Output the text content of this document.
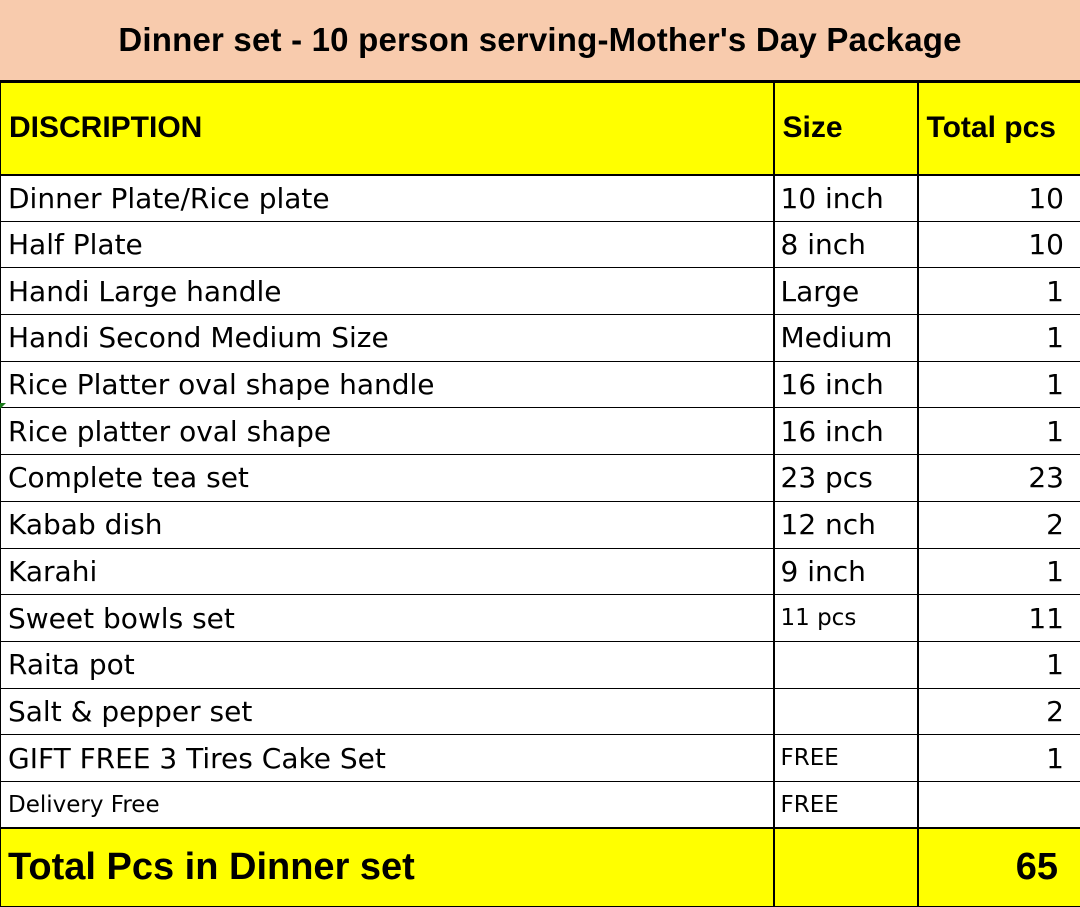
Dinner set - 10 person serving-Mother's Day Package
DISCRIPTION	Size	Total pcs
Dinner Plate/Rice plate	10 inch	10
Half Plate	8 inch	10
Handi Large handle	Large	1
Handi Second Medium Size	Medium	1
Rice Platter oval shape handle	16 inch	1
Rice platter oval shape	16 inch	1
Complete tea set	23 pcs	23
Kabab dish	12 nch	2
Karahi	9 inch	1
Sweet bowls set	11 pcs	11
Raita pot		1
Salt & pepper set		2
GIFT FREE 3 Tires Cake Set	FREE	1
Delivery Free	FREE	
Total Pcs in Dinner set		65
